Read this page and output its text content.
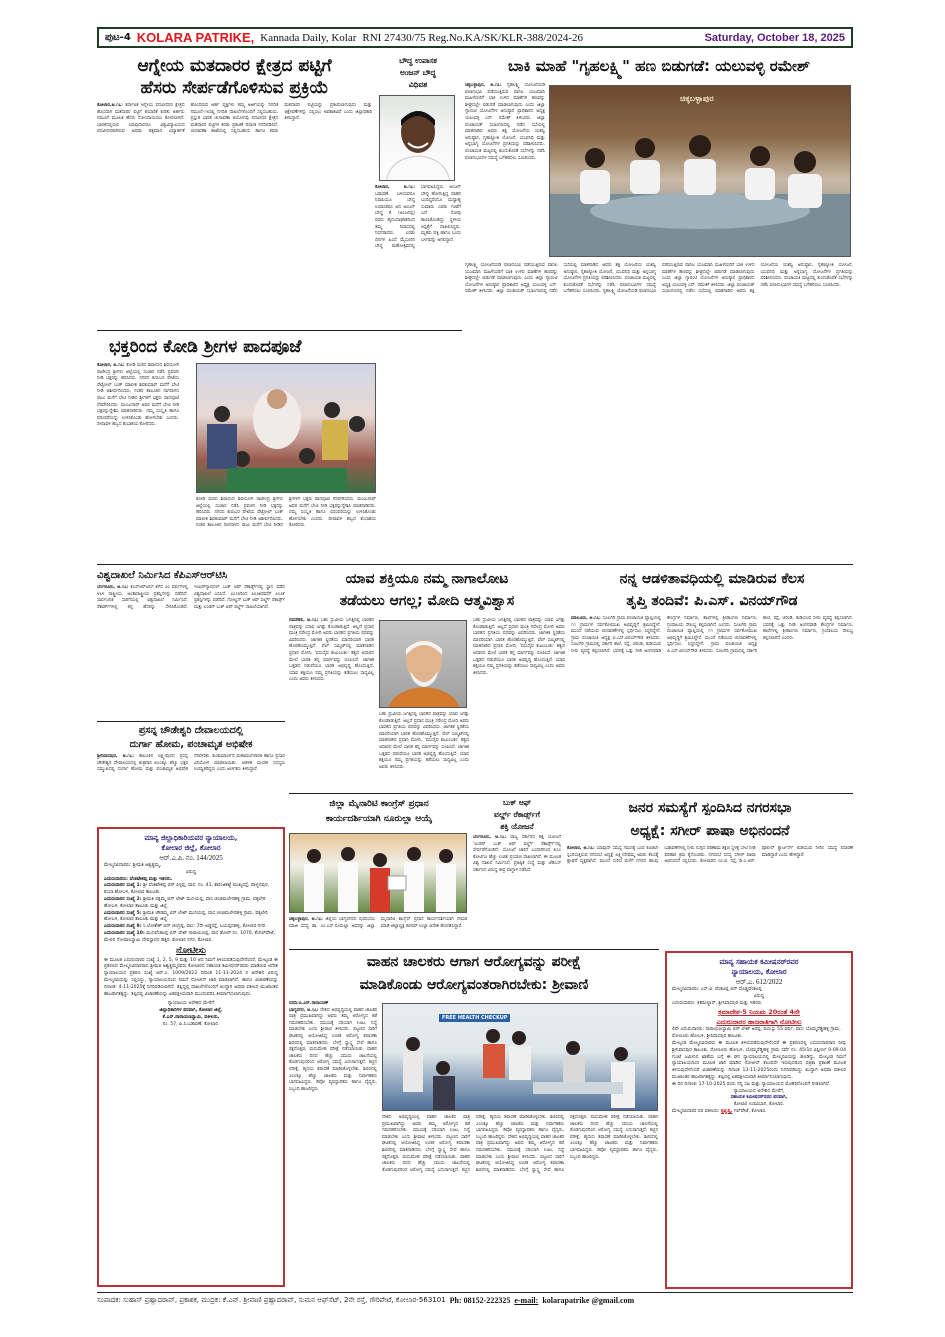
ಪುಟ-4 KOLARA PATRIKE, Kannada Daily, Kolar RNI 27430/75 Reg.No.KA/SK/KLR-388/2024-26	Saturday, October 18, 2025
ಆಗ್ನೇಯ ಮತದಾರರ ಕ್ಷೇತ್ರದ ಪಟ್ಟಿಗೆ
ಹೆಸರು ಸೇರ್ಪಡೆಗೊಳಿಸುವ ಪ್ರಕ್ರಿಯೆ
ಕೋಲಾರ,ಅ.೧೭: ಕರ್ನಾಟಕ ಆಗ್ನೇಯ ಪದವೀಧರರ ಕ್ಷೇತ್ರದ ಹೊಸದಾಗಿ ಮತದಾರರ ಪಟ್ಟಿಗೆ ತಯಾರಿಕೆ ಕುರಿತು ಅರ್ಹರು ನಮೂನೆ ಮೂಲಕ ಹೆಸರು ನೋಂದಾಯಿಸಲು ಕೋರಲಾಗಿದೆ. ಭಾರತದಲ್ಲಿರುವ ಯಾವುದಾದರೂ ವಿಶ್ವವಿದ್ಯಾಲಯದ ಪದವೀಧರರಾಗಿರುವ ಅಥವಾ ತತ್ಸಮಾನ ವಿದ್ಯಾರ್ಹತೆ ಹೊಂದಿರುವ ಅರ್ಹ ವ್ಯಕ್ತಿಗಳು ತಮ್ಮ ಅರ್ಜಿಯನ್ನು ನಿಗದಿತ ನಮೂನೆ-೧೮ರಲ್ಲಿ ನಿಗದಿತ ದಾಖಲೆಗಳೊಂದಿಗೆ ಸಲ್ಲಿಸಬಹುದು. ಪ್ರಸ್ತುತ ಭಾರತ ಚುನಾವಣಾ ಆಯೋಗವು ಪದವೀಧರ ಕ್ಷೇತ್ರದ ಮತದಾರರ ಪಟ್ಟಿಗಳ ಕರಡು ಪ್ರಕಟಣೆ ದಿನಾಂಕ ನಿಗದಿಪಡಿಸಿದೆ. ಚುನಾವಣಾ ಶಾಖೆಯಲ್ಲಿ ಸಲ್ಲಿಸಬಹುದು ಹಾಗೂ ಕರಡು ಮತದಾರರ ಪಟ್ಟಿಯನ್ನು ಪ್ರಕಟಿಸಲಾಗುವುದು ಮತ್ತು ಆಕ್ಷೇಪಣೆಗಳನ್ನು ಸಲ್ಲಿಸಲು ಅವಕಾಶವಿದೆ ಎಂದು ಜಿಲ್ಲಾಧಿಕಾರಿ ತಿಳಿಸಿದ್ದಾರೆ.
ಬೌದ್ಧ ಉಪಾಸಕ
ಅಂಜನ್ ಬೌದ್ಧ
ವಿಧಿವಶ
ಕೋಲಾರ, ಅ.೧೭: ಬಡುವಣೆ ಬಳಿಯವರೂ ನಿವಾಸಿಯೂ ಬೌದ್ಧ ಉಪಾಸಕರೂ ಆದ ಅಂಜನ್ ಬೌದ್ಧ ಕೆ. (ಅಂಜನಪ್ಪ) ರವರು ಹೃದಯಾಘಾತದಿಂದ ತಮ್ಮ ನಿವಾಸದಲ್ಲಿ ನಿಧನರಾದರು. ಎರಡು ದಿನಗಳ ಹಿಂದೆ ಮೈಸೂರಿನ ಬೌದ್ಧ ಮಹೋತ್ಸವದಲ್ಲಿ ಭಾಗವಹಿಸಿದ್ದರು. ಅಂಜನ್ ಬೌದ್ಧ ಹೋಗುತ್ತಿದ್ದ ವಾಹನ ಬಂದಿದ್ದರೆಂದೂ ಮಧ್ಯಾಹ್ನ ಸುಮಾರು ಎರಡು ಗಂಟೆಗೆ ಎದೆ ನೋವು ಕಾಣಿಸಿಕೊಂಡಿದ್ದು ಸ್ಥಳೀಯ ಆಸ್ಪತ್ರೆಗೆ ದಾಖಲಿಸಿದ್ದರು. ಮೃತರು ಪತ್ನಿ ಹಾಗೂ ಬಂಧು ಬಳಗವನ್ನು ಅಗಲಿದ್ದಾರೆ.
ಬಾಕಿ ಮಾಹೆ "ಗೃಹಲಕ್ಷ್ಮಿ" ಹಣ ಬಿಡುಗಡೆ: ಯಲುವಳ್ಳಿ ರಮೇಶ್
ಚಿಕ್ಕಬಳ್ಳಾಪುರ, ಅ.೧೭: ಗೃಹಲಕ್ಷ್ಮಿ ಯೋಜನೆಯಡಿ ಫಲಾನುಭವಿ ಪಡೆಯುತ್ತಿರುವ ವಾನಿಲ ಯಜಮಾನಿ ಮಹಿಳೆಯರಿಗೆ ಬಾಕಿ ಉಳಿದ ಮಾಹೆಗಳ ಹಣವನ್ನು ಶೀಘ್ರದಲ್ಲೇ ಬಿಡುಗಡೆ ಮಾಡಲಾಗುವುದು ಎಂದು ಜಿಲ್ಲಾ ಗ್ಯಾರಂಟಿ ಯೋಜನೆಗಳ ಅನುಷ್ಠಾನ ಪ್ರಾಧಿಕಾರದ ಅಧ್ಯಕ್ಷ ಯಲುವಳ್ಳಿ ಎನ್. ರಮೇಶ್ ತಿಳಿಸಿದರು. ಜಿಲ್ಲಾ ಪಂಚಾಯತ್ ಸಭಾಂಗಣದಲ್ಲಿ ನಡೆದ ಸಭೆಯಲ್ಲಿ ಮಾತನಾಡಿದ ಅವರು ಶಕ್ತಿ ಯೋಜನೆಯ ಯಶಸ್ವಿ ಅನುಷ್ಠಾನ, ಗೃಹಜ್ಯೋತಿ ಯೋಜನೆ, ಯುವನಿಧಿ ಮತ್ತು ಅನ್ನಭಾಗ್ಯ ಯೋಜನೆಗಳ ಪ್ರಗತಿಯನ್ನು ಪರಿಶೀಲಿಸಿದರು. ಪಂಚಾಯತಿ ಮಟ್ಟದಲ್ಲಿ ಕುಂದುಕೊರತೆ ಸಭೆಗಳನ್ನು ನಡೆಸಿ ಫಲಾನುಭವಿಗಳ ಸಮಸ್ಯೆ ಬಗೆಹರಿಸಲು ಸೂಚಿಸಿದರು.
ಚಿಕ್ಕಬಳ್ಳಾಪುರ
ಗೃಹಲಕ್ಷ್ಮಿ ಯೋಜನೆಯಡಿ ಫಲಾನುಭವಿ ಪಡೆಯುತ್ತಿರುವ ವಾನಿಲ ಯಜಮಾನಿ ಮಹಿಳೆಯರಿಗೆ ಬಾಕಿ ಉಳಿದ ಮಾಹೆಗಳ ಹಣವನ್ನು ಶೀಘ್ರದಲ್ಲೇ ಬಿಡುಗಡೆ ಮಾಡಲಾಗುವುದು ಎಂದು ಜಿಲ್ಲಾ ಗ್ಯಾರಂಟಿ ಯೋಜನೆಗಳ ಅನುಷ್ಠಾನ ಪ್ರಾಧಿಕಾರದ ಅಧ್ಯಕ್ಷ ಯಲುವಳ್ಳಿ ಎನ್. ರಮೇಶ್ ತಿಳಿಸಿದರು. ಜಿಲ್ಲಾ ಪಂಚಾಯತ್ ಸಭಾಂಗಣದಲ್ಲಿ ನಡೆದ ಸಭೆಯಲ್ಲಿ ಮಾತನಾಡಿದ ಅವರು ಶಕ್ತಿ ಯೋಜನೆಯ ಯಶಸ್ವಿ ಅನುಷ್ಠಾನ, ಗೃಹಜ್ಯೋತಿ ಯೋಜನೆ, ಯುವನಿಧಿ ಮತ್ತು ಅನ್ನಭಾಗ್ಯ ಯೋಜನೆಗಳ ಪ್ರಗತಿಯನ್ನು ಪರಿಶೀಲಿಸಿದರು. ಪಂಚಾಯತಿ ಮಟ್ಟದಲ್ಲಿ ಕುಂದುಕೊರತೆ ಸಭೆಗಳನ್ನು ನಡೆಸಿ ಫಲಾನುಭವಿಗಳ ಸಮಸ್ಯೆ ಬಗೆಹರಿಸಲು ಸೂಚಿಸಿದರು. ಗೃಹಲಕ್ಷ್ಮಿ ಯೋಜನೆಯಡಿ ಫಲಾನುಭವಿ ಪಡೆಯುತ್ತಿರುವ ವಾನಿಲ ಯಜಮಾನಿ ಮಹಿಳೆಯರಿಗೆ ಬಾಕಿ ಉಳಿದ ಮಾಹೆಗಳ ಹಣವನ್ನು ಶೀಘ್ರದಲ್ಲೇ ಬಿಡುಗಡೆ ಮಾಡಲಾಗುವುದು ಎಂದು ಜಿಲ್ಲಾ ಗ್ಯಾರಂಟಿ ಯೋಜನೆಗಳ ಅನುಷ್ಠಾನ ಪ್ರಾಧಿಕಾರದ ಅಧ್ಯಕ್ಷ ಯಲುವಳ್ಳಿ ಎನ್. ರಮೇಶ್ ತಿಳಿಸಿದರು. ಜಿಲ್ಲಾ ಪಂಚಾಯತ್ ಸಭಾಂಗಣದಲ್ಲಿ ನಡೆದ ಸಭೆಯಲ್ಲಿ ಮಾತನಾಡಿದ ಅವರು ಶಕ್ತಿ ಯೋಜನೆಯ ಯಶಸ್ವಿ ಅನುಷ್ಠಾನ, ಗೃಹಜ್ಯೋತಿ ಯೋಜನೆ, ಯುವನಿಧಿ ಮತ್ತು ಅನ್ನಭಾಗ್ಯ ಯೋಜನೆಗಳ ಪ್ರಗತಿಯನ್ನು ಪರಿಶೀಲಿಸಿದರು. ಪಂಚಾಯತಿ ಮಟ್ಟದಲ್ಲಿ ಕುಂದುಕೊರತೆ ಸಭೆಗಳನ್ನು ನಡೆಸಿ ಫಲಾನುಭವಿಗಳ ಸಮಸ್ಯೆ ಬಗೆಹರಿಸಲು ಸೂಚಿಸಿದರು.
ಭಕ್ತರಿಂದ ಕೋಡಿ ಶ್ರೀಗಳ ಪಾದಪೂಜೆ
ಕೋಲಾರ, ಅ.೧೭: ಕೋಡಿ ಮಠದ ಶಿವಾನಂದ ಶಿವಯೋಗಿ ರಾಜೇಂದ್ರ ಶ್ರೀಗಳು ಜಿಲ್ಲೆಯಲ್ಲಿ ಸಂಚಾರ ನಡೆಸಿ ಪ್ರವಚನ ನೀಡಿ ಭಕ್ತರನ್ನು ಹರಸಿದರು. ನಗರದ ಕುರುಬರ ಪೇಟೆಯ ಪೆಟ್ರೋಲ್ ಬಂಕ್ ಮಾಲೀಕ ಶಿವಕುಮಾರ್ ಮನೆಗೆ ಭೇಟಿ ನೀಡಿ ಆಶೀರ್ವದಿಸಿದರು. ನಂತರ ತಾಲೂಕಿನ ನಾಗನಾಳದ ರಾಜು ಮನೆಗೆ ಭೇಟಿ ನೀಡಿದ ಶ್ರೀಗಳಿಗೆ ಭಕ್ತರು ಪಾದಪೂಜೆ ನೆರವೇರಿಸಿದರು. ಮಂಜುನಾಥ್ ಅವರ ಮನೆಗೆ ಭೇಟಿ ನೀಡಿ ಭಕ್ತರನ್ನುದ್ದೇಶಿಸಿ ಮಾತನಾಡಿದರು. ನಮ್ಮ ಸಂಸ್ಕೃತಿ ಹಾಗೂ ಪರಂಪರೆಯನ್ನು ಉಳಿಸಿಕೊಂಡು ಹೋಗಬೇಕು ಎಂದರು. ದೀಪಾವಳಿ ಹಬ್ಬದ ಶುಭಾಶಯ ಕೋರಿದರು.
ಕೋಡಿ ಮಠದ ಶಿವಾನಂದ ಶಿವಯೋಗಿ ರಾಜೇಂದ್ರ ಶ್ರೀಗಳು ಜಿಲ್ಲೆಯಲ್ಲಿ ಸಂಚಾರ ನಡೆಸಿ ಪ್ರವಚನ ನೀಡಿ ಭಕ್ತರನ್ನು ಹರಸಿದರು. ನಗರದ ಕುರುಬರ ಪೇಟೆಯ ಪೆಟ್ರೋಲ್ ಬಂಕ್ ಮಾಲೀಕ ಶಿವಕುಮಾರ್ ಮನೆಗೆ ಭೇಟಿ ನೀಡಿ ಆಶೀರ್ವದಿಸಿದರು. ನಂತರ ತಾಲೂಕಿನ ನಾಗನಾಳದ ರಾಜು ಮನೆಗೆ ಭೇಟಿ ನೀಡಿದ ಶ್ರೀಗಳಿಗೆ ಭಕ್ತರು ಪಾದಪೂಜೆ ನೆರವೇರಿಸಿದರು. ಮಂಜುನಾಥ್ ಅವರ ಮನೆಗೆ ಭೇಟಿ ನೀಡಿ ಭಕ್ತರನ್ನುದ್ದೇಶಿಸಿ ಮಾತನಾಡಿದರು. ನಮ್ಮ ಸಂಸ್ಕೃತಿ ಹಾಗೂ ಪರಂಪರೆಯನ್ನು ಉಳಿಸಿಕೊಂಡು ಹೋಗಬೇಕು ಎಂದರು. ದೀಪಾವಳಿ ಹಬ್ಬದ ಶುಭಾಶಯ ಕೋರಿದರು.
ವಿಶ್ವದಾಖಲೆ ನಿರ್ಮಿಸಿದ ಕೆಪಿಎಸ್‌ಆರ್‌ಟಿಸಿ
ಬೆಂಗಳೂರು, ಅ.೧೭: ಕೆಎಸ್‌ಆರ್‌ಟಿಸಿಗೆ ಕಳೆದ ೨೦ ವರ್ಷಗಳಲ್ಲಿ ೪೬೪ ರಾಷ್ಟ್ರೀಯ, ಅಂತಾರಾಷ್ಟ್ರೀಯ ಪ್ರಶಸ್ತಿಗಳನ್ನು ಪಡೆದಿದೆ. ಸಾರ್ವಜನಿಕ ಸಾರಿಗೆಯಲ್ಲಿ ವಿಶ್ವದಾಖಲೆ ನಿರ್ಮಿಸಿದೆ. ರೆಕಾರ್ಡ್‌ಗಳಲ್ಲಿ ತನ್ನ ಹೆಸರನ್ನು ಸೇರಿಸಿಕೊಂಡಿದೆ. ಇಂಟರ್‌ನ್ಯಾಷನಲ್ ಬುಕ್ ಆಫ್ ರೆಕಾರ್ಡ್ಸ್‌ನಲ್ಲಿ ಸ್ಥಾನ ಪಡೆದ ವಿಶ್ವದಾಖಲೆ ಎನಿಸಿದೆ. ೨೦೦೮ರಿಂದ ೨೦೨೫ರವರೆಗೆ ೨೦೨೯ ಪ್ರಶಸ್ತಿಗಳನ್ನು ಪಡೆದಿದೆ. ಗೋಲ್ಡನ್ ಬುಕ್ ಆಫ್ ವರ್ಲ್ಡ್ ರೆಕಾರ್ಡ್ಸ್ ಮತ್ತು ಲಂಡನ್ ಬುಕ್ ಆಫ್ ವರ್ಲ್ಡ್ ದಾಖಲೆಯಾಗಿದೆ.
ಯಾವ ಶಕ್ತಿಯೂ ನಮ್ಮ ನಾಗಾಲೋಟ
ತಡೆಯಲು ಆಗಲ್ಲ; ಮೋದಿ ಆತ್ಮವಿಶ್ವಾಸ
ನವದೆಹಲಿ, ಅ.೧೭: ಬಹು ಧ್ರುವೀಯ ಜಗತ್ತಿನಲ್ಲಿ ಭಾರತದ ಪಾತ್ರವನ್ನು ಯಾವ ಜಗತ್ತು ಕೊಂಡಾಡುತ್ತಿದೆ. ಅಲ್ಲದೆ ಪ್ರಧಾನ ಮಂತ್ರಿ ನರೇಂದ್ರ ಮೋದಿ ಅವರು ಭಾರತದ ಪ್ರಗತಿಯ ಪಥವನ್ನು ವಿವರಿಸಿದರು. ಜಾಗತಿಕ ಸ್ಥಿರತೆಯ ಮಾದರಿಯಾಗಿ ಭಾರತ ಹೊರಹೊಮ್ಮುತ್ತಿದೆ. ವೆಲ್ ಸಮ್ಮಿಟ್‌ನಲ್ಲಿ ಮಾತನಾಡಿದ ಪ್ರಧಾನಿ ಮೋದಿ, 'ವಸುದೈವ ಕುಟುಂಬಕಂ' ತತ್ವದ ಆಧಾರದ ಮೇಲೆ ಭಾರತ ತನ್ನ ಮಾರ್ಗವನ್ನು ರೂಪಿಸಿದೆ. ಜಾಗತಿಕ ಒತ್ತಡದ ನಡುವೆಯೂ ಭಾರತ ಅಭಿವೃದ್ಧಿ ಹೊಂದುತ್ತಿದೆ. ಯಾವ ಶಕ್ತಿಯೂ ನಮ್ಮ ಪ್ರಗತಿಯನ್ನು ತಡೆಯಲು ಸಾಧ್ಯವಿಲ್ಲ ಎಂದು ಅವರು ತಿಳಿಸಿದರು.
ಬಹು ಧ್ರುವೀಯ ಜಗತ್ತಿನಲ್ಲಿ ಭಾರತದ ಪಾತ್ರವನ್ನು ಯಾವ ಜಗತ್ತು ಕೊಂಡಾಡುತ್ತಿದೆ. ಅಲ್ಲದೆ ಪ್ರಧಾನ ಮಂತ್ರಿ ನರೇಂದ್ರ ಮೋದಿ ಅವರು ಭಾರತದ ಪ್ರಗತಿಯ ಪಥವನ್ನು ವಿವರಿಸಿದರು. ಜಾಗತಿಕ ಸ್ಥಿರತೆಯ ಮಾದರಿಯಾಗಿ ಭಾರತ ಹೊರಹೊಮ್ಮುತ್ತಿದೆ. ವೆಲ್ ಸಮ್ಮಿಟ್‌ನಲ್ಲಿ ಮಾತನಾಡಿದ ಪ್ರಧಾನಿ ಮೋದಿ, 'ವಸುದೈವ ಕುಟುಂಬಕಂ' ತತ್ವದ ಆಧಾರದ ಮೇಲೆ ಭಾರತ ತನ್ನ ಮಾರ್ಗವನ್ನು ರೂಪಿಸಿದೆ. ಜಾಗತಿಕ ಒತ್ತಡದ ನಡುವೆಯೂ ಭಾರತ ಅಭಿವೃದ್ಧಿ ಹೊಂದುತ್ತಿದೆ. ಯಾವ ಶಕ್ತಿಯೂ ನಮ್ಮ ಪ್ರಗತಿಯನ್ನು ತಡೆಯಲು ಸಾಧ್ಯವಿಲ್ಲ ಎಂದು ಅವರು ತಿಳಿಸಿದರು.
ಬಹು ಧ್ರುವೀಯ ಜಗತ್ತಿನಲ್ಲಿ ಭಾರತದ ಪಾತ್ರವನ್ನು ಯಾವ ಜಗತ್ತು ಕೊಂಡಾಡುತ್ತಿದೆ. ಅಲ್ಲದೆ ಪ್ರಧಾನ ಮಂತ್ರಿ ನರೇಂದ್ರ ಮೋದಿ ಅವರು ಭಾರತದ ಪ್ರಗತಿಯ ಪಥವನ್ನು ವಿವರಿಸಿದರು. ಜಾಗತಿಕ ಸ್ಥಿರತೆಯ ಮಾದರಿಯಾಗಿ ಭಾರತ ಹೊರಹೊಮ್ಮುತ್ತಿದೆ. ವೆಲ್ ಸಮ್ಮಿಟ್‌ನಲ್ಲಿ ಮಾತನಾಡಿದ ಪ್ರಧಾನಿ ಮೋದಿ, 'ವಸುದೈವ ಕುಟುಂಬಕಂ' ತತ್ವದ ಆಧಾರದ ಮೇಲೆ ಭಾರತ ತನ್ನ ಮಾರ್ಗವನ್ನು ರೂಪಿಸಿದೆ. ಜಾಗತಿಕ ಒತ್ತಡದ ನಡುವೆಯೂ ಭಾರತ ಅಭಿವೃದ್ಧಿ ಹೊಂದುತ್ತಿದೆ. ಯಾವ ಶಕ್ತಿಯೂ ನಮ್ಮ ಪ್ರಗತಿಯನ್ನು ತಡೆಯಲು ಸಾಧ್ಯವಿಲ್ಲ ಎಂದು ಅವರು ತಿಳಿಸಿದರು.
ನನ್ನ ಆಡಳಿತಾವಧಿಯಲ್ಲಿ ಮಾಡಿರುವ ಕೆಲಸ
ತೃಪ್ತಿ ತಂದಿವೆ: ಪಿ.ಎಸ್. ವಿನಯ್‌ಗೌಡ
ಮಾಲೂರು, ಅ.೧೭: ಸೂಲಗಿರಿ ಗ್ರಾಮ ಪಂಚಾಯಿತಿ ವ್ಯಾಪ್ತಿಯಲ್ಲಿ ೧೧ ಗ್ರಾಮಗಳ ಸರ್ವತೋಮುಖ ಅಭಿವೃದ್ಧಿಗೆ ಶ್ರಮಿಸಿದ್ದೇನೆ. ಮುಂದೆ ನಡೆಯುವ ಚುನಾವಣೆಗಳಲ್ಲಿ ಸ್ಪರ್ಧಿಸಲು ಸಿದ್ಧನಿದ್ದೇನೆ. ಗ್ರಾಮ ಪಂಚಾಯಿತಿ ಅಧ್ಯಕ್ಷ ಪಿ.ಎಸ್.ವಿನಯ್‌ಗೌಡ ತಿಳಿಸಿದರು. ಸೂಲಗಿರಿ ಗ್ರಾಮದಲ್ಲಿ ಸರ್ಕಾರಿ ಶಾಲೆ, ರಸ್ತೆ, ಚರಂಡಿ, ಕುಡಿಯುವ ನೀರು ವ್ಯವಸ್ಥೆ ಕಲ್ಪಿಸಲಾಗಿದೆ. ಭವನಕ್ಕೆ ಒತ್ತು ನೀಡಿ ಅಂಗನವಾಡಿ ಕೇಂದ್ರಗಳ ನಿರ್ಮಾಣ, ಶಾಲೆಗಳಲ್ಲಿ ಕ್ರೀಡಾಂಗಣ ನಿರ್ಮಾಣ, ಗ್ರಂಥಾಲಯ ಸೌಲಭ್ಯ ಕಲ್ಪಿಸಲಾಗಿದೆ ಎಂದರು. ಸೂಲಗಿರಿ ಗ್ರಾಮ ಪಂಚಾಯಿತಿ ವ್ಯಾಪ್ತಿಯಲ್ಲಿ ೧೧ ಗ್ರಾಮಗಳ ಸರ್ವತೋಮುಖ ಅಭಿವೃದ್ಧಿಗೆ ಶ್ರಮಿಸಿದ್ದೇನೆ. ಮುಂದೆ ನಡೆಯುವ ಚುನಾವಣೆಗಳಲ್ಲಿ ಸ್ಪರ್ಧಿಸಲು ಸಿದ್ಧನಿದ್ದೇನೆ. ಗ್ರಾಮ ಪಂಚಾಯಿತಿ ಅಧ್ಯಕ್ಷ ಪಿ.ಎಸ್.ವಿನಯ್‌ಗೌಡ ತಿಳಿಸಿದರು. ಸೂಲಗಿರಿ ಗ್ರಾಮದಲ್ಲಿ ಸರ್ಕಾರಿ ಶಾಲೆ, ರಸ್ತೆ, ಚರಂಡಿ, ಕುಡಿಯುವ ನೀರು ವ್ಯವಸ್ಥೆ ಕಲ್ಪಿಸಲಾಗಿದೆ. ಭವನಕ್ಕೆ ಒತ್ತು ನೀಡಿ ಅಂಗನವಾಡಿ ಕೇಂದ್ರಗಳ ನಿರ್ಮಾಣ, ಶಾಲೆಗಳಲ್ಲಿ ಕ್ರೀಡಾಂಗಣ ನಿರ್ಮಾಣ, ಗ್ರಂಥಾಲಯ ಸೌಲಭ್ಯ ಕಲ್ಪಿಸಲಾಗಿದೆ ಎಂದರು.
ಪ್ರಸನ್ನ ಚೌಡೇಶ್ವರಿ ದೇವಾಲಯದಲ್ಲಿ
ದುರ್ಗಾ ಹೋಮ, ಪಂಚಾಮೃತ ಅಭಿಷೇಕ
ಶ್ರೀನಿವಾಸಪುರ, ಅ.೧೭: ತಾಲೂಕಿನ ಲಕ್ಷ್ಮೀಪುರದ ಪ್ರಸನ್ನ ಚೌಡೇಶ್ವರಿ ದೇವಾಲಯದಲ್ಲಿ ಶುಕ್ರವಾರ ೫೦೦ಕ್ಕೂ ಹೆಚ್ಚು ಭಕ್ತರ ಸಮ್ಮುಖದಲ್ಲಿ ದುರ್ಗಾ ಹೋಮ ಮತ್ತು ಪಂಚಾಮೃತ ಅಭಿಷೇಕ ನೆರವೇರಿತು. ಕುಂಕುಮಾರ್ಚನೆ ಮಹಾಮಂಗಳಾರತಿ ಹಾಗೂ ಪ್ರಸಾದ ವಿನಿಯೋಗ ಮಾಡಲಾಯಿತು. ಆಡಳಿತ ಮಂಡಳಿ ಸದಸ್ಯರು ಉಪಸ್ಥಿತರಿದ್ದರು ಎಂದು ಅರ್ಚಕರು ತಿಳಿಸಿದ್ದಾರೆ.
ಮಾನ್ಯ ಜಿಲ್ಲಾಧಿಕಾರಿಯವರ ನ್ಯಾಯಾಲಯ,
ಕೋಲಾರ ಜಿಲ್ಲೆ, ಕೋಲಾರ
ಆರ್.ಎ.ಪಿ. ನಂ. 144/2025
ಮೇಲ್ಮನವಿದಾರರು: ಶ್ರೀಮತಿ ಅಶ್ವತ್ಥಮ್ಮ,
ವಿರುದ್ಧ
ಎದುರುದಾರರು: ವೆಂಕಟೇಶಪ್ಪ ಮತ್ತು ಇತರರು.
ಎದುರುದಾರರ ಸಂಖ್ಯೆ 1: ಶ್ರೀ ವೆಂಕಟೇಶಪ್ಪ ಬಿನ್ ಪಿಳ್ಳಪ್ಪ, ವಾಸ: ನಂ. 41, ಕಾರಂಜಿಕಟ್ಟೆ ಮುಖ್ಯರಸ್ತೆ, ಪಾಳ್ಯದಪುರ, ಕಸಬಾ ಹೋಬಳಿ, ಕೋಲಾರ ತಾಲೂಕು.
ಎದುರುದಾರರ ಸಂಖ್ಯೆ 2: ಶ್ರೀಮತಿ ರತ್ನಮ್ಮ ಬಿನ್ ಲೇಟ್ ಮುನಿಯಪ್ಪ, ವಾಸ ಚಂಚಿಮಲೇನಹಳ್ಳಿ ಗ್ರಾಮ, ವಕ್ಕಲೇರಿ ಹೋಬಳಿ, ಕೋಲಾರ ತಾಲೂಕು ಮತ್ತು ಜಿಲ್ಲೆ.
ಎದುರುದಾರರ ಸಂಖ್ಯೆ 5: ಶ್ರೀಮತಿ ಚೌಡಮ್ಮ ಬಿನ್ ಲೇಟ್ ಮುನಿಯಪ್ಪ, ವಾಸ ಚಂಚಿಮಲೇನಹಳ್ಳಿ ಗ್ರಾಮ, ವಕ್ಕಲೇರಿ ಹೋಬಳಿ, ಕೋಲಾರ ತಾಲೂಕು ಮತ್ತು ಜಿಲ್ಲೆ.
ಎದುರುದಾರರ ಸಂಖ್ಯೆ 9: ಸಿ.ಲೋಕೇಶ್ ಬಿನ್ ಚಂದ್ರಪ್ಪ, ವಾಸ: 7ನೇ ಅಡ್ಡರಸ್ತೆ, ಬಯಪ್ಪನಹಳ್ಳಿ, ಕೋಲಾರ ನಗರ.
ಎದುರುದಾರರ ಸಂಖ್ಯೆ 10: ಮುನಿವೆಂಕಟಪ್ಪ ಬಿನ್ ಲೇಟ್ ನಾರಾಯಣಪ್ಪ, ವಾಸ ಡೋರ್ ನಂ. 1070, ಕೆಂಗಲ್‌ಪೇಟೆ, ಮೇಲಿನ ಗೋಪಾಲಸ್ವಾಮಿ ದೇವಸ್ಥಾನದ ಹತ್ತಿರ, ಕೋಲಾರ ನಗರ, ಕೋಲಾರ.
ನೋಟೀಸು
ಈ ಮೂಲಕ ಎದುರುದಾರರ ಸಂಖ್ಯೆ 1, 2, 5, 9 ಮತ್ತು 10 ಆದ ನಿಮಗೆ ತಿಳಿಯಪಡಿಸುವುದೇನೆಂದರೆ, ಮೇಲ್ಕಂಡ ಈ ಪ್ರಕರಣದ ಮೇಲ್ಮನವಿದಾರರಾದ ಶ್ರೀಮತಿ ಅಶ್ವತ್ಥಮ್ಮರವರು ಕೋಲಾರದ ಸಹಾಯಕ ಕಮೀಷನರ್‌ರವರು ಮಾಡಿರುವ ಆದೇಶ ನ್ಯಾಯಾಲಯದ ಪ್ರಕರಣ ಸಂಖ್ಯೆ ಆರ್.ಎ. 1009/2022 ದಿನಾಂಕ 11-11-2024 ರ ಆದೇಶದ ವಿರುದ್ಧ ಮೇಲ್ಮನವಿಯನ್ನು ಸಲ್ಲಿಸಿದ್ದು, ನ್ಯಾಯಾಲಯದಿಂದ ನಿಮಗೆ ನೋಟೀಸ್ ಜಾರಿ ಮಾಡಲಾಗಿದೆ. ಹಾಗೂ ವಿಚಾರಣೆಯನ್ನು ದಿನಾಂಕ: 4-11-2025ಕ್ಕೆ ನಿಗದಿಪಡಿಸಲಾಗಿದೆ. ತಪ್ಪಿದ್ದಲ್ಲಿ ದಾಖಲೆಗಳೊಂದಿಗೆ ಖುದ್ದಾಗಿ ಅಥವಾ ವಕೀಲರ ಮುಖಾಂತರ ಹಾಜರಾಗತಕ್ಕದ್ದು. ತಪ್ಪಿದಲ್ಲಿ ವಿಚಾರಣೆಯನ್ನು ಏಕಪಕ್ಷೀಯವಾಗಿ ಮುಂದುವರಿಸಿ ತೀರ್ಮಾನಿಸಲಾಗುವುದು.
ನ್ಯಾಯಾಲಯ ಆದೇಶದ ಮೇರೆಗೆ
ಜಿಲ್ಲಾಧಿಕಾರಿಗಳ ಪರವಾಗಿ, ಕೋಲಾರ ಜಿಲ್ಲೆ.
ಕೆ.ಎಸ್.ನಾರಾಯಣಸ್ವಾಮಿ, ವಕೀಲರು,
ನಂ. 57, ಪಿ.ಸಿ.ಬಡಾವಣೆ, ಕೋಲಾರ.
ಜಿಲ್ಲಾ ಮೈನಾರಿಟಿ ಕಾಂಗ್ರೆಸ್ ಪ್ರಧಾನ
ಕಾರ್ಯದರ್ಶಿಯಾಗಿ ನೂರುಲ್ಲಾ ಆಯ್ಕೆ
ಚಿಕ್ಕಬಳ್ಳಾಪುರ, ಅ.೧೭: ಜಿಲ್ಲೆಯ ಭಾಗ್ಯನಗರದ ಪುರಸಭೆಯ ಮಾಜಿ ಸದಸ್ಯ ಡಾ. ಎಂ.ಎಸ್.ನೂರುಲ್ಲಾ ಅವರನ್ನು ಜಿಲ್ಲಾ ಮೈನಾರಿಟಿ ಕಾಂಗ್ರೆಸ್ ಪ್ರಧಾನ ಕಾರ್ಯದರ್ಶಿಯಾಗಿ ನೇಮಕ ಮಾಡಿ ಜಿಲ್ಲಾಧ್ಯಕ್ಷ ಕಲೀಮ್ ಉಲ್ಲಾ ಆದೇಶ ಹೊರಡಿಸಿದ್ದಾರೆ.
ಬುಕ್ ಆಫ್
ವರ್ಲ್ಡ್ ರೆಕಾರ್ಡ್ಸ್‌ಗೆ
ಶಕ್ತಿ ಯೋಜನೆ
ಬೆಂಗಳೂರು, ಅ.೧೭: ರಾಜ್ಯ ಸರ್ಕಾರದ ಶಕ್ತಿ ಯೋಜನೆ 'ಲಂಡನ್ ಬುಕ್ ಆಫ್ ವರ್ಲ್ಡ್ ರೆಕಾರ್ಡ್ಸ್'ನಲ್ಲಿ ಸೇರ್ಪಡೆಗೊಂಡಿದೆ. ಯೋಜನೆ ಜಾರಿಗೆ ಬಂದಾಗಿನಿಂದ ೫೦೦ ಕೋಟಿಗೂ ಹೆಚ್ಚು ಉಚಿತ ಪ್ರಯಾಣ ದಾಖಲಾಗಿದೆ. ಈ ಮೂಲಕ ವಿಶ್ವ ದಾಖಲೆ ನಿರ್ಮಿಸಿದೆ. ಪ್ರತಿಷ್ಠಿತ ಸಂಸ್ಥೆ ಮತ್ತು ಜೆಡಿಎಸ್ ಸರ್ಕಾರದ ವಿರುದ್ಧ ತೀವ್ರ ವಾಗ್ದಾಳಿ ನಡೆಸಿದೆ.
ಜನರ ಸಮಸ್ಯೆಗೆ ಸ್ಪಂದಿಸಿದ ನಗರಸಭಾ
ಅಧ್ಯಕ್ಷೆ: ಸಗೀರ್ ಪಾಷಾ ಅಭಿನಂದನೆ
ಕೋಲಾರ, ಅ.೧೭: ಯಾವುದೇ ಸಮಸ್ಯೆ ಗಮನಕ್ಕೆ ಬಂದ ಕೂಡಲೇ ಸ್ಪಂದಿಸುತ್ತಿರುವ ನಗರಸಭೆ ಅಧ್ಯಕ್ಷೆ ಲಕ್ಷ್ಮೀದೇವಮ್ಮ ಅವರು ಕೆಲಸಕ್ಕೆ ಶ್ಲಾಘನೆ ವ್ಯಕ್ತವಾಗಿದೆ. ಮುಂದೆ ಸುರಿದ ಮಳೆಗೆ ನಗರದ ಹಲವು ಬಡಾವಣೆಗಳಲ್ಲಿ ನೀರು ನುಗ್ಗಿದ ಪರಿಣಾಮ ತಕ್ಷಣ ಸ್ಥಳಕ್ಕೆ ಭೇಟಿ ನೀಡಿ ಪರಿಹಾರ ಕ್ರಮ ಕೈಗೊಂಡರು. ನಗರಸಭೆ ಸದಸ್ಯ ಸಗೀರ್ ಪಾಷಾ ಅಭಿನಂದನೆ ಸಲ್ಲಿಸಿದರು. ಕೋಲಾರದ ಎಂ.ಬಿ. ರಸ್ತೆ, ಡಿ.ಎ.ಆರ್. ಪೊಲೀಸ್ ಕ್ವಾರ್ಟರ್ಸ್ ಕುಡಿಯುವ ನೀರಿನ ಸಮಸ್ಯೆ ನಿವಾರಣೆ ಮಾಡಿದ್ದಾರೆ ಎಂದು ಹೇಳಿದ್ದಾರೆ.
ವಾಹನ ಚಾಲಕರು ಆಗಾಗ ಆರೋಗ್ಯವನ್ನು ಪರೀಕ್ಷೆ
ಮಾಡಿಕೊಂಡು ಆರೋಗ್ಯವಂತರಾಗಿರಬೇಕು: ಶ್ರೀವಾಣಿ
ವರದಿ:ಪಿ.ಎನ್.ನಾರಾಯಣ್
ಭಾಗ್ಯನಗರ, ಅ.೧೭: ದೇಶದ ಅಭಿವೃದ್ಧಿಯಲ್ಲಿ ವಾಹನ ಚಾಲಕರ ಪಾತ್ರ ಪ್ರಮುಖವಾಗಿದ್ದು ಅವರು ತಮ್ಮ ಆರೋಗ್ಯದ ಕಡೆ ಗಮನಹರಿಸಬೇಕು. ಸಮಯಕ್ಕೆ ಸರಿಯಾಗಿ ಊಟ, ನಿದ್ದೆ ಮಾಡಬೇಕು ಎಂದು ಶ್ರೀವಾಣಿ ತಿಳಿಸಿದರು. ಪಟ್ಟಣದ ಸಾರಿಗೆ ಘಟಕದಲ್ಲಿ ಆಯೋಜಿಸಿದ್ದ ಉಚಿತ ಆರೋಗ್ಯ ತಪಾಸಣಾ ಶಿಬಿರದಲ್ಲಿ ಮಾತನಾಡಿದರು. ಬೆಳಗ್ಗೆ ಸ್ವಾಸ್ಥ್ಯ ಸೇವೆ ಹಾಗೂ ರಕ್ತದೊತ್ತಡ, ಮಧುಮೇಹ ಪರೀಕ್ಷೆ ನಡೆಸಲಾಯಿತು. ವಾಹನ ಚಾಲಕರು ದಿನದ ಹೆಚ್ಚು ಸಮಯ ಚಾಲನೆಯಲ್ಲಿ ತೊಡಗುವುದರಿಂದ ಆರೋಗ್ಯ ಸಮಸ್ಯೆ ಎದುರಾಗುತ್ತದೆ. ಕಣ್ಣಿನ ಪರೀಕ್ಷೆ, ಹೃದಯ ತಪಾಸಣೆ ಮಾಡಿಸಿಕೊಳ್ಳಬೇಕು. ಶಿಬಿರದಲ್ಲಿ ೨೦೦ಕ್ಕೂ ಹೆಚ್ಚು ಚಾಲಕರು ಮತ್ತು ನಿರ್ವಾಹಕರು ಭಾಗವಹಿಸಿದ್ದರು. ಡಿಪೋ ವ್ಯವಸ್ಥಾಪಕರು ಹಾಗೂ ವೈದ್ಯರು, ಸಿಬ್ಬಂದಿ ಹಾಜರಿದ್ದರು.
FREE HEALTH CHECKUP
ದೇಶದ ಅಭಿವೃದ್ಧಿಯಲ್ಲಿ ವಾಹನ ಚಾಲಕರ ಪಾತ್ರ ಪ್ರಮುಖವಾಗಿದ್ದು ಅವರು ತಮ್ಮ ಆರೋಗ್ಯದ ಕಡೆ ಗಮನಹರಿಸಬೇಕು. ಸಮಯಕ್ಕೆ ಸರಿಯಾಗಿ ಊಟ, ನಿದ್ದೆ ಮಾಡಬೇಕು ಎಂದು ಶ್ರೀವಾಣಿ ತಿಳಿಸಿದರು. ಪಟ್ಟಣದ ಸಾರಿಗೆ ಘಟಕದಲ್ಲಿ ಆಯೋಜಿಸಿದ್ದ ಉಚಿತ ಆರೋಗ್ಯ ತಪಾಸಣಾ ಶಿಬಿರದಲ್ಲಿ ಮಾತನಾಡಿದರು. ಬೆಳಗ್ಗೆ ಸ್ವಾಸ್ಥ್ಯ ಸೇವೆ ಹಾಗೂ ರಕ್ತದೊತ್ತಡ, ಮಧುಮೇಹ ಪರೀಕ್ಷೆ ನಡೆಸಲಾಯಿತು. ವಾಹನ ಚಾಲಕರು ದಿನದ ಹೆಚ್ಚು ಸಮಯ ಚಾಲನೆಯಲ್ಲಿ ತೊಡಗುವುದರಿಂದ ಆರೋಗ್ಯ ಸಮಸ್ಯೆ ಎದುರಾಗುತ್ತದೆ. ಕಣ್ಣಿನ ಪರೀಕ್ಷೆ, ಹೃದಯ ತಪಾಸಣೆ ಮಾಡಿಸಿಕೊಳ್ಳಬೇಕು. ಶಿಬಿರದಲ್ಲಿ ೨೦೦ಕ್ಕೂ ಹೆಚ್ಚು ಚಾಲಕರು ಮತ್ತು ನಿರ್ವಾಹಕರು ಭಾಗವಹಿಸಿದ್ದರು. ಡಿಪೋ ವ್ಯವಸ್ಥಾಪಕರು ಹಾಗೂ ವೈದ್ಯರು, ಸಿಬ್ಬಂದಿ ಹಾಜರಿದ್ದರು. ದೇಶದ ಅಭಿವೃದ್ಧಿಯಲ್ಲಿ ವಾಹನ ಚಾಲಕರ ಪಾತ್ರ ಪ್ರಮುಖವಾಗಿದ್ದು ಅವರು ತಮ್ಮ ಆರೋಗ್ಯದ ಕಡೆ ಗಮನಹರಿಸಬೇಕು. ಸಮಯಕ್ಕೆ ಸರಿಯಾಗಿ ಊಟ, ನಿದ್ದೆ ಮಾಡಬೇಕು ಎಂದು ಶ್ರೀವಾಣಿ ತಿಳಿಸಿದರು. ಪಟ್ಟಣದ ಸಾರಿಗೆ ಘಟಕದಲ್ಲಿ ಆಯೋಜಿಸಿದ್ದ ಉಚಿತ ಆರೋಗ್ಯ ತಪಾಸಣಾ ಶಿಬಿರದಲ್ಲಿ ಮಾತನಾಡಿದರು. ಬೆಳಗ್ಗೆ ಸ್ವಾಸ್ಥ್ಯ ಸೇವೆ ಹಾಗೂ ರಕ್ತದೊತ್ತಡ, ಮಧುಮೇಹ ಪರೀಕ್ಷೆ ನಡೆಸಲಾಯಿತು. ವಾಹನ ಚಾಲಕರು ದಿನದ ಹೆಚ್ಚು ಸಮಯ ಚಾಲನೆಯಲ್ಲಿ ತೊಡಗುವುದರಿಂದ ಆರೋಗ್ಯ ಸಮಸ್ಯೆ ಎದುರಾಗುತ್ತದೆ. ಕಣ್ಣಿನ ಪರೀಕ್ಷೆ, ಹೃದಯ ತಪಾಸಣೆ ಮಾಡಿಸಿಕೊಳ್ಳಬೇಕು. ಶಿಬಿರದಲ್ಲಿ ೨೦೦ಕ್ಕೂ ಹೆಚ್ಚು ಚಾಲಕರು ಮತ್ತು ನಿರ್ವಾಹಕರು ಭಾಗವಹಿಸಿದ್ದರು. ಡಿಪೋ ವ್ಯವಸ್ಥಾಪಕರು ಹಾಗೂ ವೈದ್ಯರು, ಸಿಬ್ಬಂದಿ ಹಾಜರಿದ್ದರು.
ಮಾನ್ಯ ಸಹಾಯಕ ಕಮೀಷನರ್‌ರವರ
ನ್ಯಾಯಾಲಯ, ಕೋಲಾರ
ಆರ್.ಎ. 612/2022
ಮೇಲ್ಮನವಿದಾರರು: ಎಸ್.ವಿ. ವೆಂಕಟಪ್ಪ ಬಿನ್ ದೊಡ್ಡವೆಂಕಟಪ್ಪ
ವಿರುದ್ಧ
ಎದುರುದಾರರು: ತಹಸೀಲ್ದಾರ್, ಶ್ರೀನಿವಾಸಪುರ ಮತ್ತು ಇತರರು
ಕ್ರಮಾದೇಶ-5 ನಿಯಮ 20ರಂತೆ 4ನೇ
ಎದುರುದಾರರ ಹಾಜರಾತಿಗಾಗಿ ನೋಟೀಸು
4ನೇ ಎದುರುದಾರರು: ನಾರಾಯಣಸ್ವಾಮಿ ಬಿನ್ ಲೇಟ್ ಅರಪ್ಪ, ವಯಸ್ಸು 55 ವರ್ಷ, ವಾಸ: ಬೊಮ್ಮರೆಡ್ಡಿಹಳ್ಳಿ ಗ್ರಾಮ, ರೋಣೂರು ಹೋಬಳಿ, ಶ್ರೀನಿವಾಸಪುರ ತಾಲೂಕು.
ಮೇಲ್ಕಂಡ ಮೇಲ್ಮನವಿದಾರರು ಈ ಮೂಲಕ ತಿಳಿಯಪಡಿಸುವುದೇನೆಂದರೆ ಈ ಪ್ರಕರಣದಲ್ಲಿ ಎದುರುದಾರರಾದ ನೀವು ಶ್ರೀನಿವಾಸಪುರ ತಾಲೂಕು, ರೋಣೂರು ಹೋಬಳಿ, ಬೊಮ್ಮರೆಡ್ಡಿಹಳ್ಳಿ ಗ್ರಾಮ ಸರ್ವೆ ನಂ. 45/1ರ ವಿಸ್ತೀರ್ಣ 0-09.04 ಗುಂಟೆ ಜಮೀನಿನ ಖಾತೆಯ ಬಗ್ಗೆ ಈ ಘನ ನ್ಯಾಯಾಲಯದಲ್ಲಿ ಮೇಲ್ಮನವಿಯನ್ನು ಹೂಡಿದ್ದು, ಮೇಲ್ಕಂಡ ನಿಮಗೆ ನ್ಯಾಯಾಲಯದಿಂದ ಮೂಲಕ ಜಾರಿ ಮಾಡಿದ ನೋಟೀಸ್ ತಲುಪದೇ ಇರುವುದರಿಂದ ಪತ್ರಿಕಾ ಪ್ರಕಟಣೆ ಮೂಲಕ ತಿಳಿಸುವುದೇನೆಂದರೆ ವಿಚಾರಣೆಯನ್ನು ದಿನಾಂಕ 13-11-2025ರಂದು ನಿಗದಿಪಡಿಸಿದ್ದು ಖುದ್ದಾಗಿ ಅಥವಾ ವಕೀಲರ ಮುಖಾಂತರ ಹಾಜರಾಗತಕ್ಕದ್ದು. ತಪ್ಪಿದಲ್ಲಿ ಏಕಪಕ್ಷೀಯವಾಗಿ ತೀರ್ಮಾನಿಸಲಾಗುವುದು.
ಈ ದಿನ ದಿನಾಂಕ: 17-10-2025 ರಂದು ನನ್ನ ಸಹಿ ಮತ್ತು ನ್ಯಾಯಾಲಯದ ಮೊಹರಿನೊಂದಿಗೆ ನೀಡಲಾಗಿದೆ.
ನ್ಯಾಯಾಲಯದ ಆದೇಶದ ಮೇರೆಗೆ,
ಸಹಾಯಕ ಕಮೀಷನರ್‌ರವರ ಪರವಾಗಿ,
ಕೋಲಾರ ಉಪವಿಭಾಗ, ಕೋಲಾರ.
ಮೇಲ್ಮನವಿದಾರರ ಪರ ವಕೀಲರು: ಕೃಷ್ಣಪ್ಪ, ಗಲ್‌ಪೇಟೆ, ಕೋಲಾರ.
ಸಂಪಾದಕ: ಸುಹಾಸ್ ಪ್ರಹ್ಲಾದರಾವ್, ಪ್ರಕಾಶಕ, ಮುದ್ರಕ: ಕೆ.ಎನ್. ಶ್ರೀವಾಣಿ ಪ್ರಹ್ಲಾದರಾವ್, ಸುಮನ ಆಫ್‌ಸೆಟ್, 2ನೇ ರಸ್ತೆ, ಗೌರಿಪೇಟೆ, ಕೋಲಾರ-563101 Ph: 08152-222325 e-mail: kolarapatrike @gmail.com
